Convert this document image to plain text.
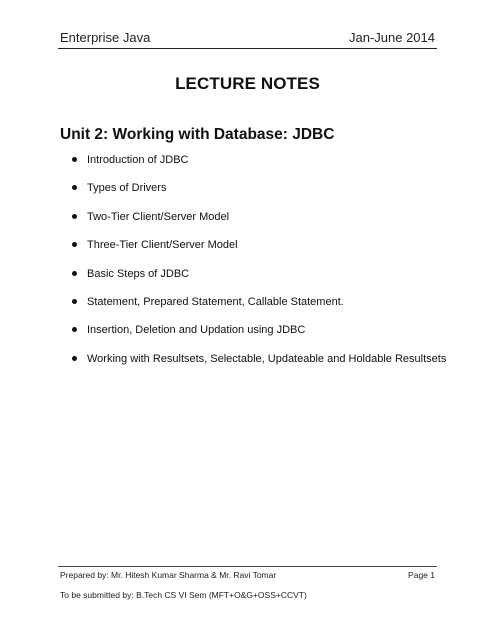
Enterprise Java	Jan-June 2014
LECTURE NOTES
Unit 2: Working with Database: JDBC
Introduction of JDBC
Types of Drivers
Two-Tier Client/Server Model
Three-Tier Client/Server Model
Basic Steps of JDBC
Statement, Prepared Statement, Callable Statement.
Insertion, Deletion and Updation using JDBC
Working with Resultsets, Selectable, Updateable and Holdable Resultsets
Prepared by: Mr. Hitesh Kumar Sharma & Mr. Ravi Tomar	Page 1
To be submitted by: B.Tech CS VI Sem (MFT+O&G+OSS+CCVT)
